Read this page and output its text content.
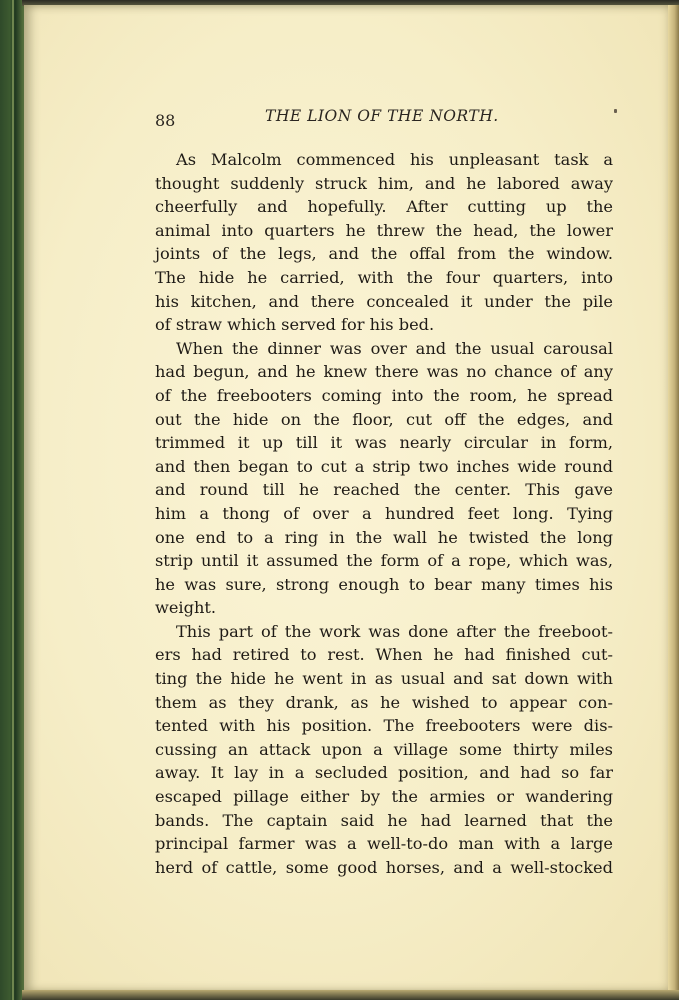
88	THE LION OF THE NORTH.
As Malcolm commenced his unpleasant task a
thought suddenly struck him, and he labored away
cheerfully and hopefully. After cutting up the
animal into quarters he threw the head, the lower
joints of the legs, and the offal from the window.
The hide he carried, with the four quarters, into
his kitchen, and there concealed it under the pile
of straw which served for his bed.
When the dinner was over and the usual carousal
had begun, and he knew there was no chance of any
of the freebooters coming into the room, he spread
out the hide on the floor, cut off the edges, and
trimmed it up till it was nearly circular in form,
and then began to cut a strip two inches wide round
and round till he reached the center. This gave
him a thong of over a hundred feet long. Tying
one end to a ring in the wall he twisted the long
strip until it assumed the form of a rope, which was,
he was sure, strong enough to bear many times his
weight.
This part of the work was done after the freeboot-
ers had retired to rest. When he had finished cut-
ting the hide he went in as usual and sat down with
them as they drank, as he wished to appear con-
tented with his position. The freebooters were dis-
cussing an attack upon a village some thirty miles
away. It lay in a secluded position, and had so far
escaped pillage either by the armies or wandering
bands. The captain said he had learned that the
principal farmer was a well-to-do man with a large
herd of cattle, some good horses, and a well-stocked
